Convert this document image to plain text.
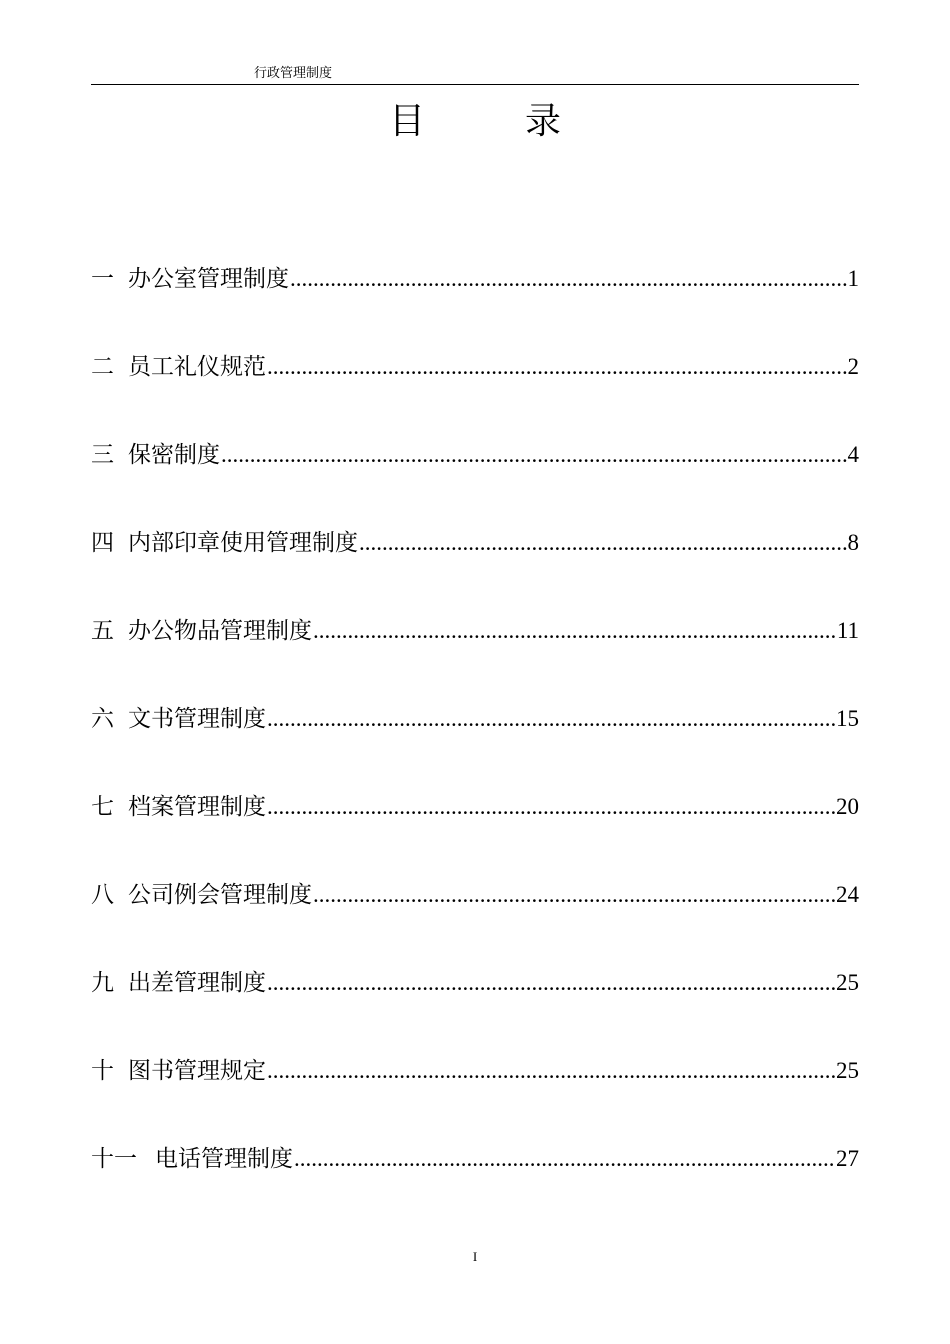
行政管理制度
目	录
一 办公室管理制度 .....	1
二 员工礼仪规范 .....	2
三 保密制度 .....	4
四 内部印章使用管理制度 .....	8
五 办公物品管理制度 .....	11
六 文书管理制度 .....	15
七 档案管理制度 .....	20
八 公司例会管理制度 .....	24
九 出差管理制度 .....	25
十 图书管理规定 .....	25
十一 电话管理制度 .....	27
I
